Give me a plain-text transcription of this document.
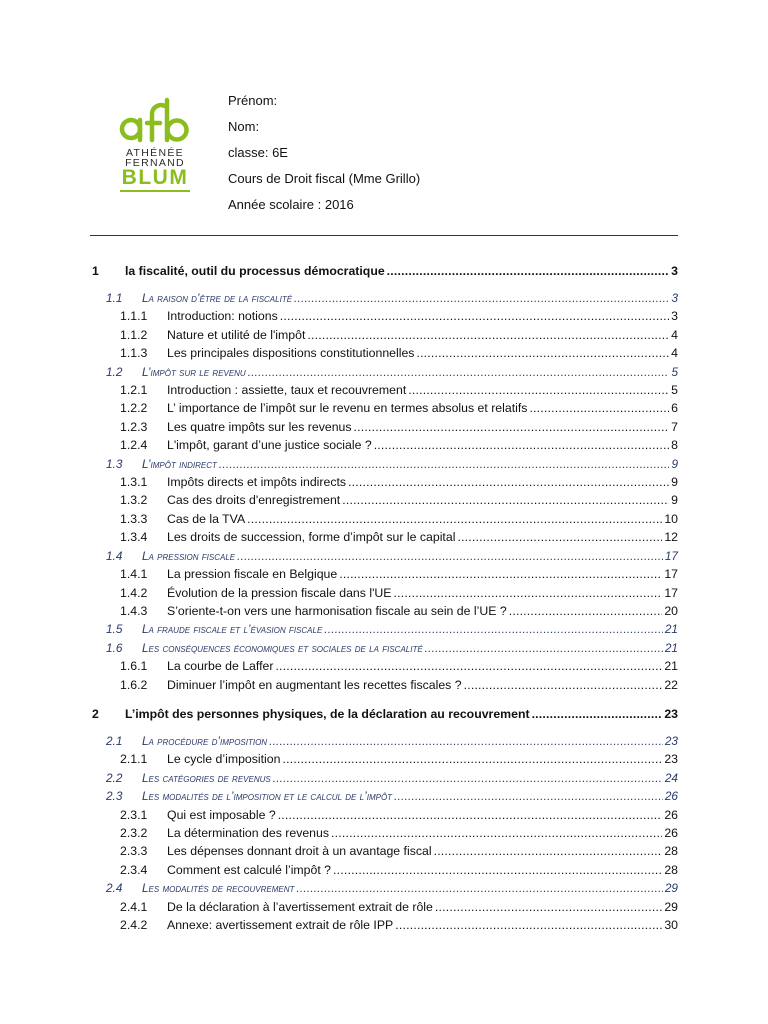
ATHÉNÉE
FERNAND
BLUM
Prénom:
Nom:
classe: 6E
Cours de Droit fiscal (Mme Grillo)
Année scolaire : 2016
1	la fiscalité, outil du processus démocratique .....	3
1.1	La raison d’être de la fiscalité .....	3
1.1.1	Introduction: notions .....	3
1.1.2	Nature et utilité de l'impôt .....	4
1.1.3	Les principales dispositions constitutionnelles .....	4
1.2	L’impôt sur le revenu .....	5
1.2.1	Introduction : assiette, taux et recouvrement .....	5
1.2.2	L’ importance de l’impôt sur le revenu en termes absolus et relatifs .....	6
1.2.3	Les quatre impôts sur les revenus .....	7
1.2.4	L'impôt, garant d’une justice sociale ? .....	8
1.3	L’impôt indirect .....	9
1.3.1	Impôts directs et impôts indirects .....	9
1.3.2	Cas des droits d'enregistrement .....	9
1.3.3	Cas de la TVA .....	10
1.3.4	Les droits de succession, forme d’impôt sur le capital .....	12
1.4	La pression fiscale .....	17
1.4.1	La pression fiscale en Belgique .....	17
1.4.2	Évolution de la pression fiscale dans l'UE .....	17
1.4.3	S’oriente-t-on vers une harmonisation fiscale au sein de l’UE ? .....	20
1.5	La fraude fiscale et l’évasion fiscale .....	21
1.6	Les conséquences économiques et sociales de la fiscalité .....	21
1.6.1	La courbe de Laffer .....	21
1.6.2	Diminuer l’impôt en augmentant les recettes fiscales ? .....	22
2	L’impôt des personnes physiques, de la déclaration au recouvrement .....	23
2.1	La procédure d’imposition .....	23
2.1.1	Le cycle d’imposition .....	23
2.2	Les catégories de revenus .....	24
2.3	Les modalités de l’imposition et le calcul de l’impôt .....	26
2.3.1	Qui est imposable ? .....	26
2.3.2	La détermination des revenus .....	26
2.3.3	Les dépenses donnant droit à un avantage fiscal .....	28
2.3.4	Comment est calculé l’impôt ? .....	28
2.4	Les modalités de recouvrement .....	29
2.4.1	De la déclaration à l’avertissement extrait de rôle .....	29
2.4.2	Annexe: avertissement extrait de rôle IPP .....	30
